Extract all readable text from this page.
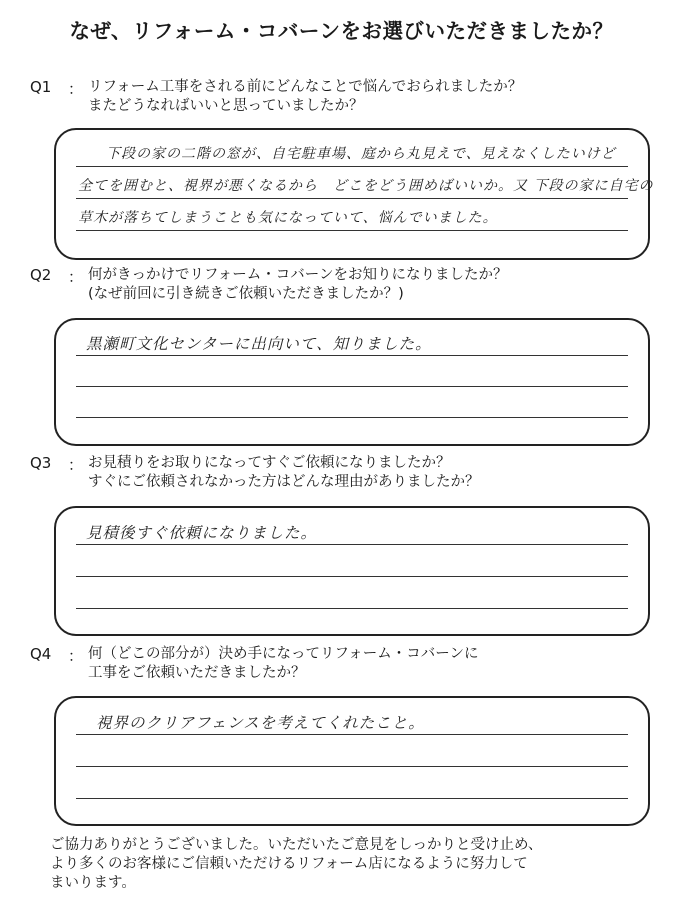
なぜ、リフォーム・コバーンをお選びいただきましたか？
Q1 ： リフォーム工事をされる前にどんなことで悩んでおられましたか？
またどうなればいいと思っていましたか？
下段の家の二階の窓が、自宅駐車場、庭から丸見えで、見えなくしたいけど
全てを囲むと、視界が悪くなるから　どこをどう囲めばいいか。又 下段の家に自宅の
草木が落ちてしまうことも気になっていて、悩んでいました。
Q2 ： 何がきっかけでリフォーム・コバーンをお知りになりましたか？
(なぜ前回に引き続きご依頼いただきましたか？)
黒瀬町文化センターに出向いて、知りました。
Q3 ： お見積りをお取りになってすぐご依頼になりましたか？
すぐにご依頼されなかった方はどんな理由がありましたか？
見積後すぐ依頼になりました。
Q4 ： 何（どこの部分が）決め手になってリフォーム・コバーンに
工事をご依頼いただきましたか？
視界のクリアフェンスを考えてくれたこと。
ご協力ありがとうございました。いただいたご意見をしっかりと受け止め、
より多くのお客様にご信頼いただけるリフォーム店になるように努力して
まいります。
